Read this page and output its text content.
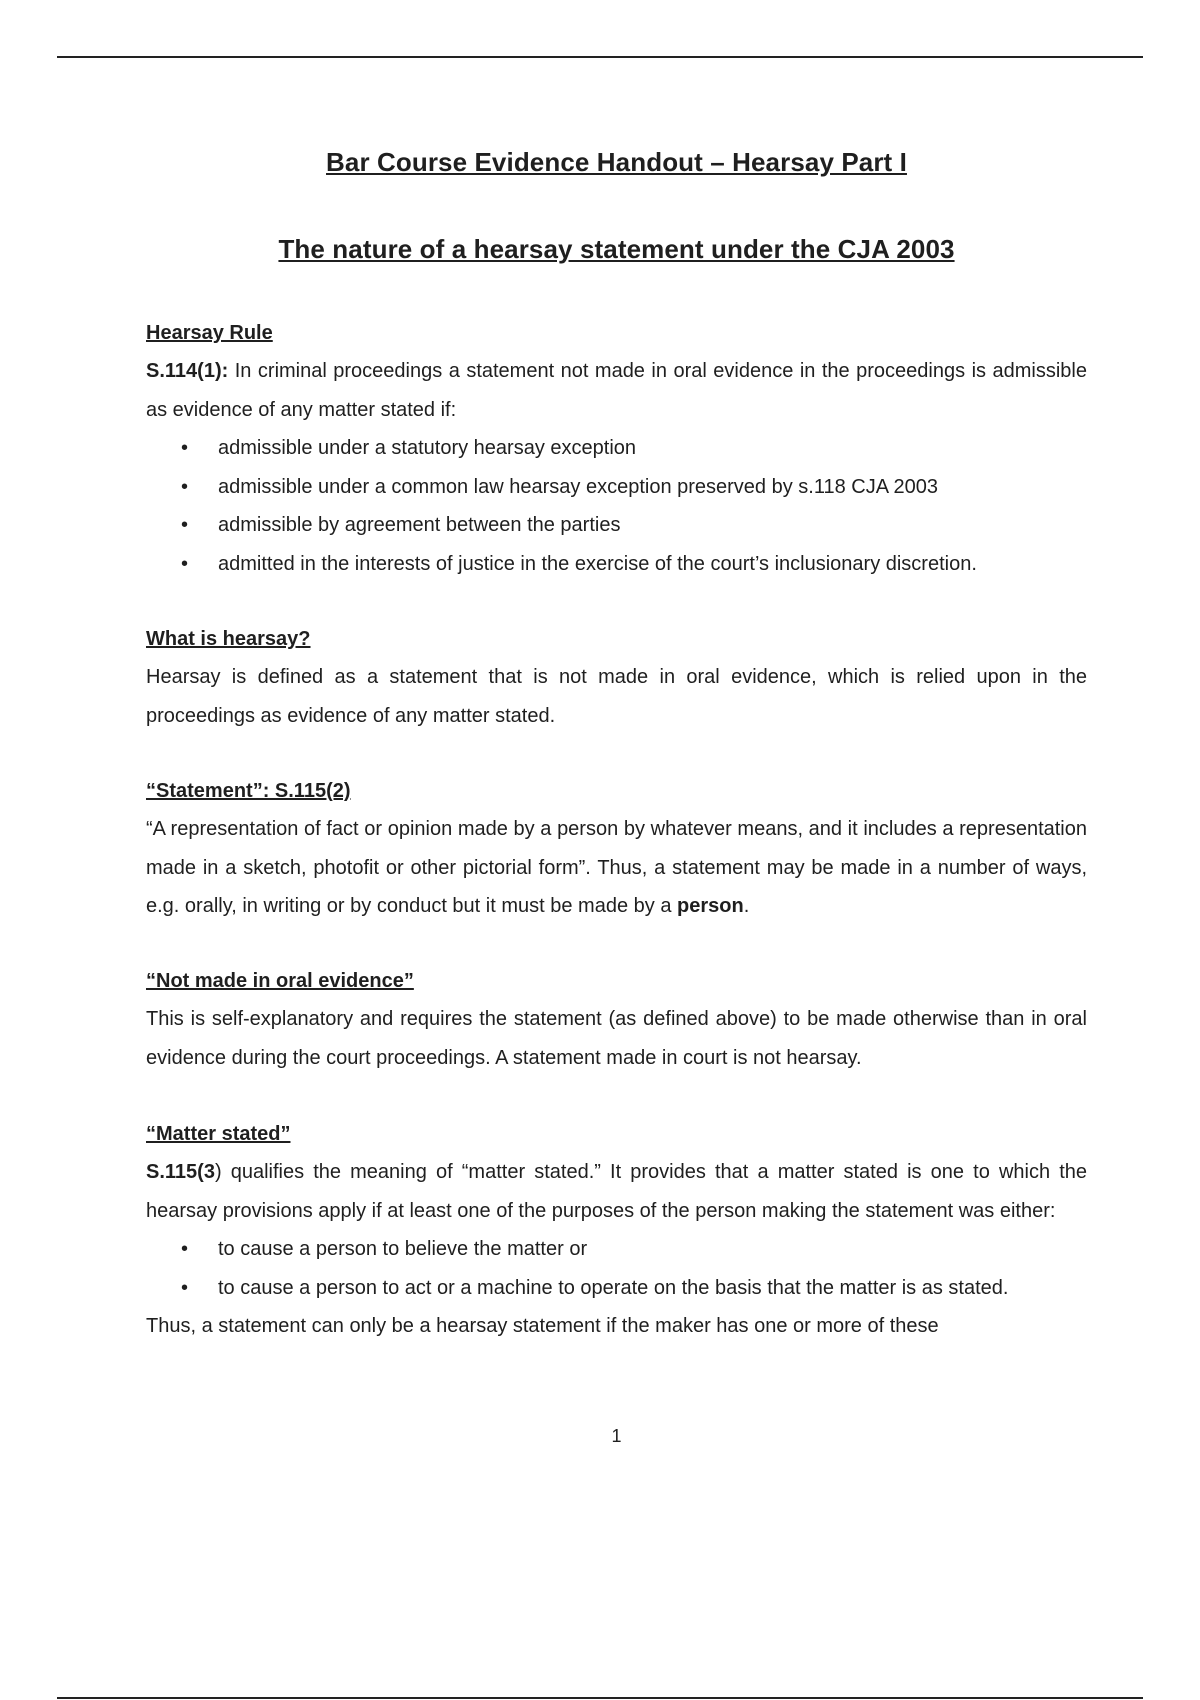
Bar Course Evidence Handout – Hearsay Part I
The nature of a hearsay statement under the CJA 2003

Hearsay Rule

S.114(1): In criminal proceedings a statement not made in oral evidence in the proceedings is admissible as evidence of any matter stated if:

• admissible under a statutory hearsay exception
• admissible under a common law hearsay exception preserved by s.118 CJA 2003
• admissible by agreement between the parties
• admitted in the interests of justice in the exercise of the court’s inclusionary discretion.

What is hearsay?

Hearsay is defined as a statement that is not made in oral evidence, which is relied upon in the proceedings as evidence of any matter stated.

“Statement”: S.115(2)

“A representation of fact or opinion made by a person by whatever means, and it includes a representation made in a sketch, photofit or other pictorial form”. Thus, a statement may be made in a number of ways, e.g. orally, in writing or by conduct but it must be made by a person.

“Not made in oral evidence”

This is self-explanatory and requires the statement (as defined above) to be made otherwise than in oral evidence during the court proceedings. A statement made in court is not hearsay.

“Matter stated”

S.115(3) qualifies the meaning of “matter stated.” It provides that a matter stated is one to which the hearsay provisions apply if at least one of the purposes of the person making the statement was either:

• to cause a person to believe the matter or
• to cause a person to act or a machine to operate on the basis that the matter is as stated.

Thus, a statement can only be a hearsay statement if the maker has one or more of these

1
